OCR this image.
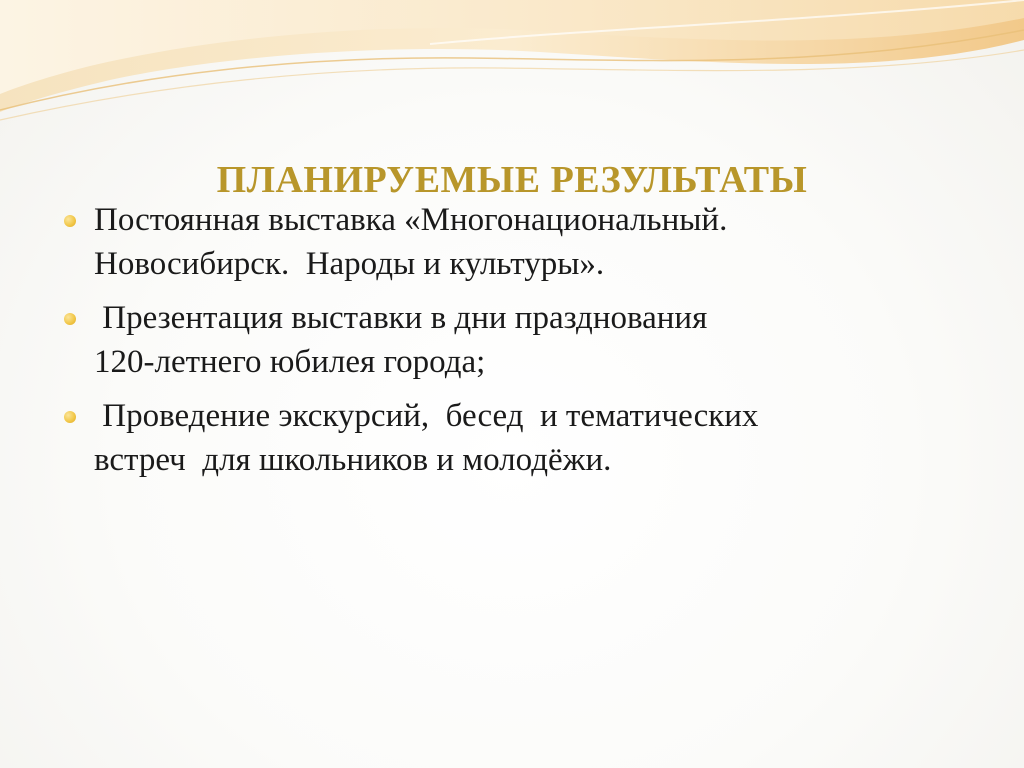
ПЛАНИРУЕМЫЕ РЕЗУЛЬТАТЫ
Постоянная выставка «Многонациональный.
Новосибирск.  Народы и культуры».
Презентация выставки в дни празднования
120-летнего юбилея города;
Проведение экскурсий,  бесед  и тематических
встреч  для школьников и молодёжи.
